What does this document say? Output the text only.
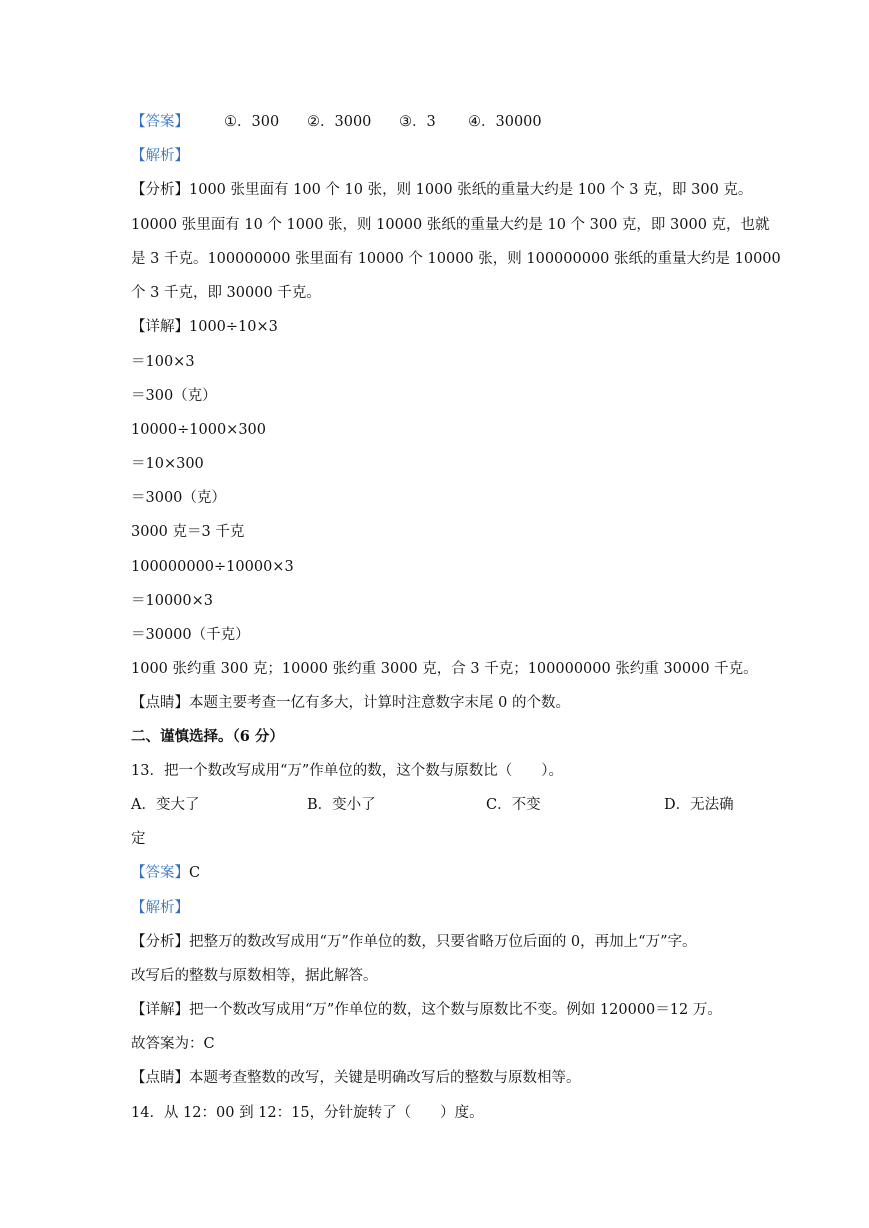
【答案】 ①．300 ②．3000 ③．3 ④．30000
【解析】
【分析】1000 张里面有 100 个 10 张，则 1000 张纸的重量大约是 100 个 3 克，即 300 克。
10000 张里面有 10 个 1000 张，则 10000 张纸的重量大约是 10 个 300 克，即 3000 克，也就
是 3 千克。100000000 张里面有 10000 个 10000 张，则 100000000 张纸的重量大约是 10000
个 3 千克，即 30000 千克。
【详解】1000÷10×3
＝100×3
＝300（克）
10000÷1000×300
＝10×300
＝3000（克）
3000 克＝3 千克
100000000÷10000×3
＝10000×3
＝30000（千克）
1000 张约重 300 克；10000 张约重 3000 克，合 3 千克；100000000 张约重 30000 千克。
【点睛】本题主要考查一亿有多大，计算时注意数字末尾 0 的个数。
二、谨慎选择。（6 分）
13．把一个数改写成用“万”作单位的数，这个数与原数比（　　）。
A．变大了	B．变小了	C．不变	D．无法确
定
【答案】C
【解析】
【分析】把整万的数改写成用“万”作单位的数，只要省略万位后面的 0，再加上“万”字。
改写后的整数与原数相等，据此解答。
【详解】把一个数改写成用“万”作单位的数，这个数与原数比不变。例如 120000＝12 万。
故答案为：C
【点睛】本题考查整数的改写，关键是明确改写后的整数与原数相等。
14．从 12：00 到 12：15，分针旋转了（　　）度。
